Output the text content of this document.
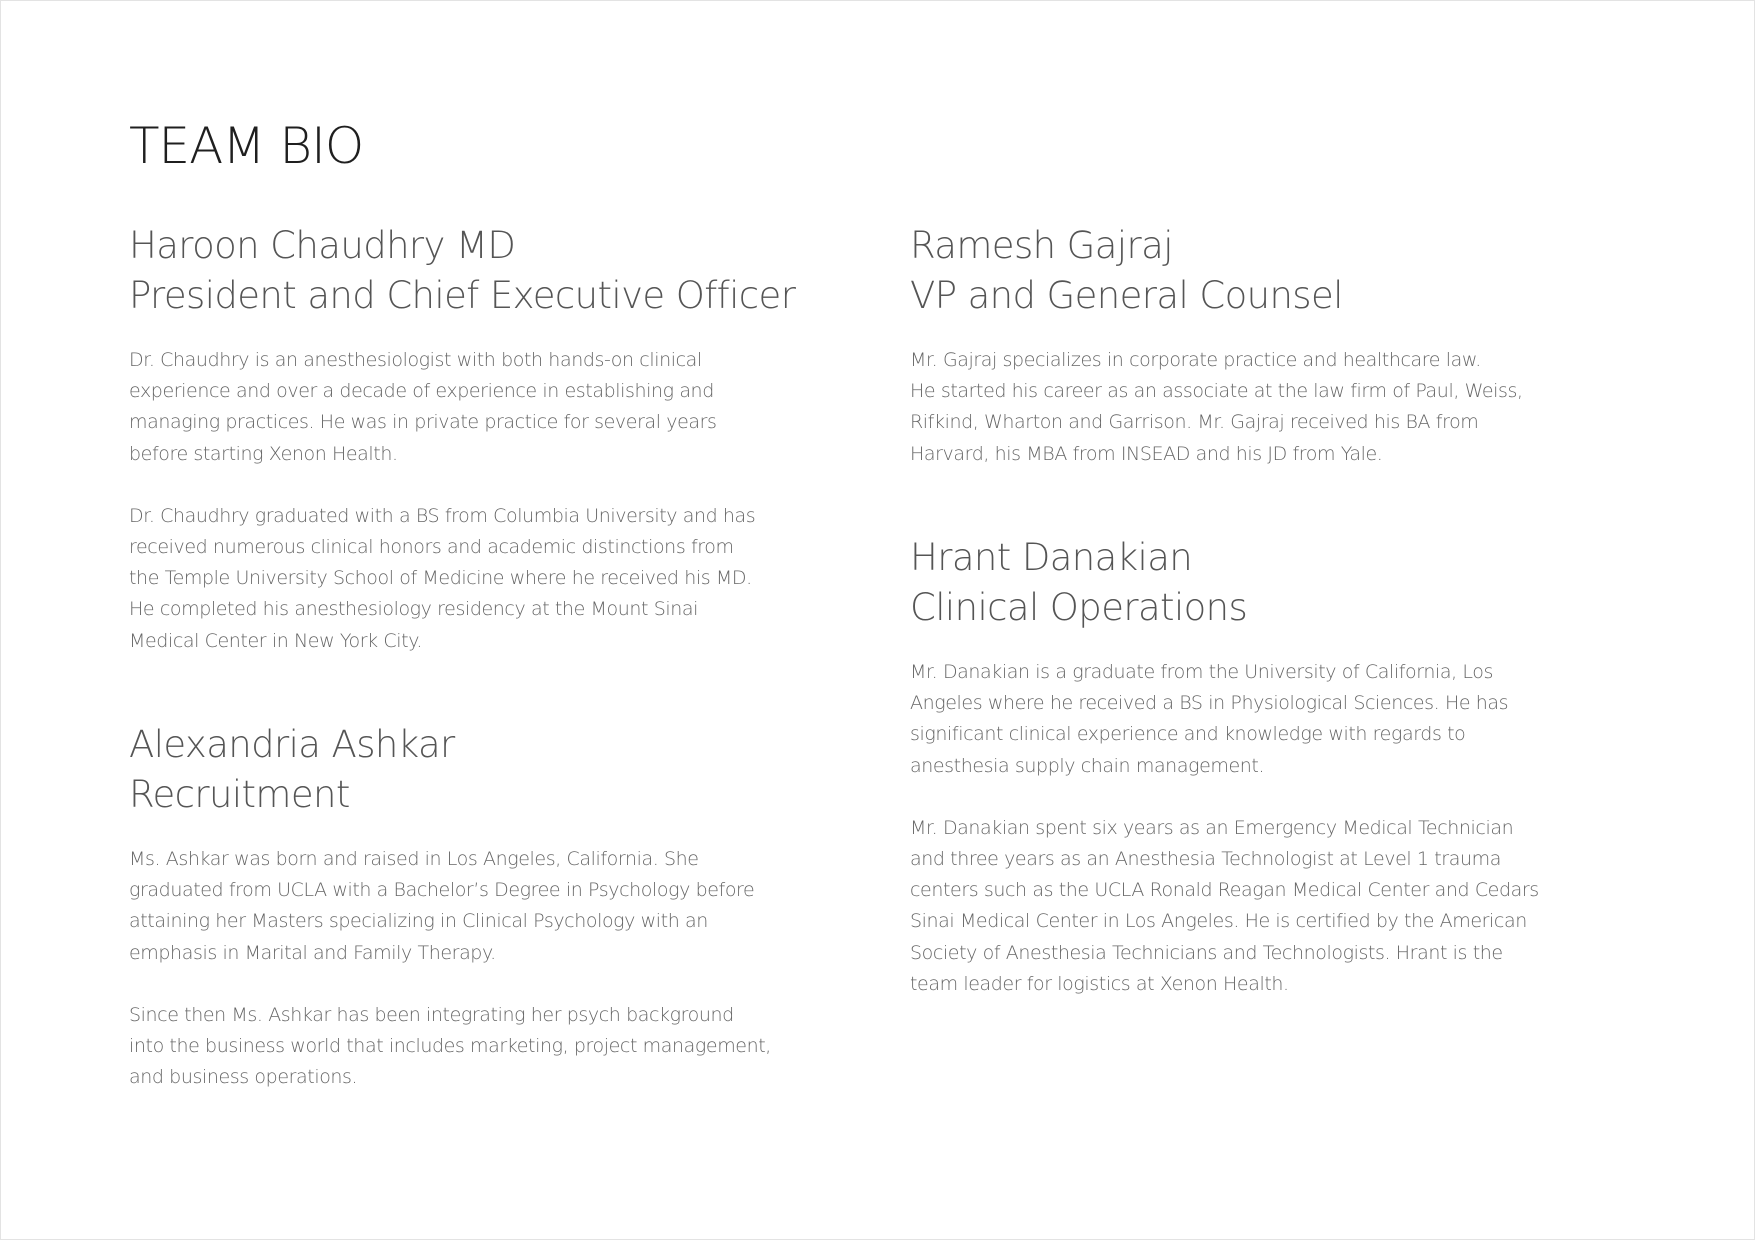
TEAM BIO
Haroon Chaudhry MD
President and Chief Executive Officer

Dr. Chaudhry is an anesthesiologist with both hands-on clinical
experience and over a decade of experience in establishing and
managing practices. He was in private practice for several years
before starting Xenon Health.

Dr. Chaudhry graduated with a BS from Columbia University and has
received numerous clinical honors and academic distinctions from
the Temple University School of Medicine where he received his MD.
He completed his anesthesiology residency at the Mount Sinai
Medical Center in New York City.

Alexandria Ashkar
Recruitment

Ms. Ashkar was born and raised in Los Angeles, California. She
graduated from UCLA with a Bachelor’s Degree in Psychology before
attaining her Masters specializing in Clinical Psychology with an
emphasis in Marital and Family Therapy.

Since then Ms. Ashkar has been integrating her psych background
into the business world that includes marketing, project management,
and business operations.

Ramesh Gajraj
VP and General Counsel

Mr. Gajraj specializes in corporate practice and healthcare law.
He started his career as an associate at the law firm of Paul, Weiss,
Rifkind, Wharton and Garrison. Mr. Gajraj received his BA from
Harvard, his MBA from INSEAD and his JD from Yale.

Hrant Danakian
Clinical Operations

Mr. Danakian is a graduate from the University of California, Los
Angeles where he received a BS in Physiological Sciences. He has
significant clinical experience and knowledge with regards to
anesthesia supply chain management.

Mr. Danakian spent six years as an Emergency Medical Technician
and three years as an Anesthesia Technologist at Level 1 trauma
centers such as the UCLA Ronald Reagan Medical Center and Cedars
Sinai Medical Center in Los Angeles. He is certified by the American
Society of Anesthesia Technicians and Technologists. Hrant is the
team leader for logistics at Xenon Health.
